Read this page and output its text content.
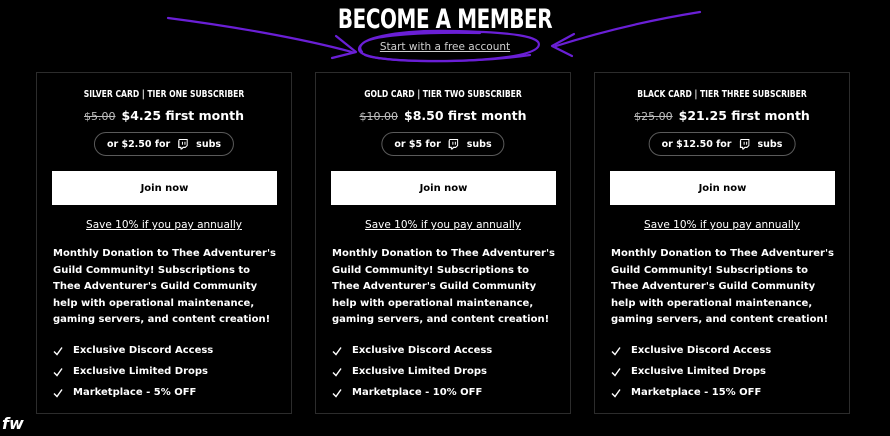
BECOME A MEMBER
Start with a free account
SILVER CARD | TIER ONE SUBSCRIBER
$5.00 $4.25 first month
or $2.50 for	subs
Join now
Save 10% if you pay annually
Monthly Donation to Thee Adventurer's Guild Community! Subscriptions to Thee Adventurer's Guild Community help with operational maintenance, gaming servers, and content creation!
Exclusive Discord Access
Exclusive Limited Drops
Marketplace - 5% OFF
GOLD CARD | TIER TWO SUBSCRIBER
$10.00 $8.50 first month
or $5 for	subs
Join now
Save 10% if you pay annually
Monthly Donation to Thee Adventurer's Guild Community! Subscriptions to Thee Adventurer's Guild Community help with operational maintenance, gaming servers, and content creation!
Exclusive Discord Access
Exclusive Limited Drops
Marketplace - 10% OFF
BLACK CARD | TIER THREE SUBSCRIBER
$25.00 $21.25 first month
or $12.50 for	subs
Join now
Save 10% if you pay annually
Monthly Donation to Thee Adventurer's Guild Community! Subscriptions to Thee Adventurer's Guild Community help with operational maintenance, gaming servers, and content creation!
Exclusive Discord Access
Exclusive Limited Drops
Marketplace - 15% OFF
fw
